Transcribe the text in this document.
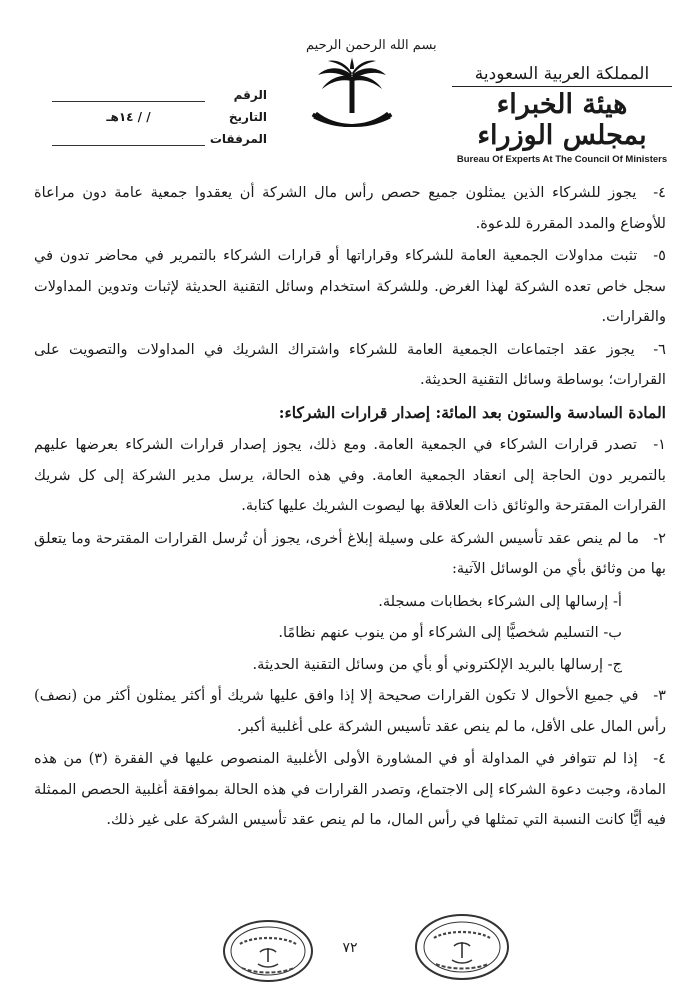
المملكة العربية السعودية
هيئة الخبراء بمجلس الوزراء
Bureau Of Experts At The Council Of Ministers
بسم الله الرحمن الرحيم
الرقم
التاريخ
/ / ١٤هـ
المرفقات

٤- يجوز للشركاء الذين يمثلون جميع حصص رأس مال الشركة أن يعقدوا جمعية عامة دون مراعاة للأوضاع والمدد المقررة للدعوة.

٥- تثبت مداولات الجمعية العامة للشركاء وقراراتها أو قرارات الشركاء بالتمرير في محاضر تدون في سجل خاص تعده الشركة لهذا الغرض. وللشركة استخدام وسائل التقنية الحديثة لإثبات وتدوين المداولات والقرارات.

٦- يجوز عقد اجتماعات الجمعية العامة للشركاء واشتراك الشريك في المداولات والتصويت على القرارات؛ بوساطة وسائل التقنية الحديثة.

المادة السادسة والستون بعد المائة: إصدار قرارات الشركاء:

١- تصدر قرارات الشركاء في الجمعية العامة. ومع ذلك، يجوز إصدار قرارات الشركاء بعرضها عليهم بالتمرير دون الحاجة إلى انعقاد الجمعية العامة. وفي هذه الحالة، يرسل مدير الشركة إلى كل شريك القرارات المقترحة والوثائق ذات العلاقة بها ليصوت الشريك عليها كتابة.

٢- ما لم ينص عقد تأسيس الشركة على وسيلة إبلاغ أخرى، يجوز أن تُرسل القرارات المقترحة وما يتعلق بها من وثائق بأي من الوسائل الآتية:

أ- إرسالها إلى الشركاء بخطابات مسجلة.

ب- التسليم شخصيًّا إلى الشركاء أو من ينوب عنهم نظامًا.

ج- إرسالها بالبريد الإلكتروني أو بأي من وسائل التقنية الحديثة.

٣- في جميع الأحوال لا تكون القرارات صحيحة إلا إذا وافق عليها شريك أو أكثر يمثلون أكثر من (نصف) رأس المال على الأقل، ما لم ينص عقد تأسيس الشركة على أغلبية أكبر.

٤- إذا لم تتوافر في المداولة أو في المشاورة الأولى الأغلبية المنصوص عليها في الفقرة (٣) من هذه المادة، وجبت دعوة الشركاء إلى الاجتماع، وتصدر القرارات في هذه الحالة بموافقة أغلبية الحصص الممثلة فيه أيًّا كانت النسبة التي تمثلها في رأس المال، ما لم ينص عقد تأسيس الشركة على غير ذلك.

٧٢
